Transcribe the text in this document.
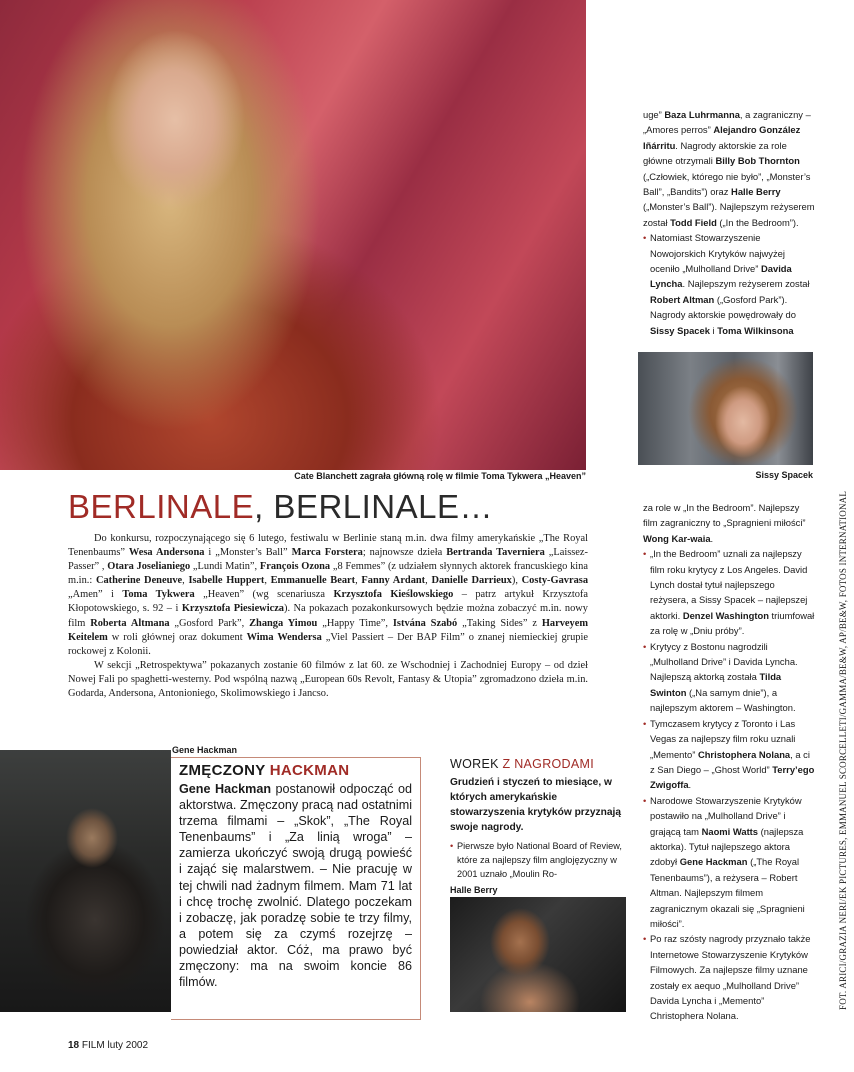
Cate Blanchett zagrała główną rolę w filmie Toma Tykwera „Heaven”	Sissy Spacek
Gene Hackman
Halle Berry
BERLINALE, BERLINALE…

Do konkursu, rozpoczynającego się 6 lutego, festiwalu w Berlinie staną m.in. dwa filmy amerykańskie „The Royal Tenenbaums” Wesa Andersona i „Monster’s Ball” Marca Forstera; najnowsze dzieła Bertranda Taverniera „Laissez-Passer” , Otara Joselianiego „Lundi Matin”, François Ozona „8 Femmes” (z udziałem słynnych aktorek francuskiego kina m.in.: Catherine Deneuve, Isabelle Huppert, Emmanuelle Beart, Fanny Ardant, Danielle Darrieux), Costy-Gavrasa „Amen” i Toma Tykwera „Heaven” (wg scenariusza Krzysztofa Kieślowskiego – patrz artykuł Krzysztofa Kłopotowskiego, s. 92 – i Krzysztofa Piesiewicza). Na pokazach pozakonkursowych będzie można zobaczyć m.in. nowy film Roberta Altmana „Gosford Park”, Zhanga Yimou „Happy Time”, Istvána Szabó „Taking Sides” z Harveyem Keitelem w roli głównej oraz dokument Wima Wendersa „Viel Passiert – Der BAP Film” o znanej niemieckiej grupie rockowej z Kolonii.

W sekcji „Retrospektywa” pokazanych zostanie 60 filmów z lat 60. ze Wschodniej i Zachodniej Europy – od dzieł Nowej Fali po spaghetti-westerny. Pod wspólną nazwą „European 60s Revolt, Fantasy & Utopia” zgromadzono dzieła m.in. Godarda, Andersona, Antonioniego, Skolimowskiego i Jancso.

uge” Baza Luhrmanna, a zagraniczny – „Amores perros” Alejandro González Iñárritu. Nagrody aktorskie za role główne otrzymali Billy Bob Thornton („Człowiek, którego nie było”, „Monster’s Ball”, „Bandits”) oraz Halle Berry („Monster’s Ball”). Najlepszym reżyserem został Todd Field („In the Bedroom”).

• Natomiast Stowarzyszenie Nowojorskich Krytyków najwyżej oceniło „Mulholland Drive” Davida Lyncha. Najlepszym reżyserem został Robert Altman („Gosford Park”). Nagrody aktorskie powędrowały do Sissy Spacek i Toma Wilkinsona

za role w „In the Bedroom”. Najlepszy film zagraniczny to „Spragnieni miłości” Wong Kar-waia.

• „In the Bedroom” uznali za najlepszy film roku krytycy z Los Angeles. David Lynch dostał tytuł najlepszego reżysera, a Sissy Spacek – najlepszej aktorki. Denzel Washington triumfował za rolę w „Dniu próby”.

• Krytycy z Bostonu nagrodzili „Mulholland Drive” i Davida Lyncha. Najlepszą aktorką została Tilda Swinton („Na samym dnie”), a najlepszym aktorem – Washington.

• Tymczasem krytycy z Toronto i Las Vegas za najlepszy film roku uznali „Memento” Christophera Nolana, a ci z San Diego – „Ghost World” Terry’ego Zwigoffa.

• Narodowe Stowarzyszenie Krytyków postawiło na „Mulholland Drive” i grającą tam Naomi Watts (najlepsza aktorka). Tytuł najlepszego aktora zdobył Gene Hackman („The Royal Tenenbaums”), a reżysera – Robert Altman. Najlepszym filmem zagranicznym okazali się „Spragnieni miłości”.

• Po raz szósty nagrody przyznało także Internetowe Stowarzyszenie Krytyków Filmowych. Za najlepsze filmy uznane zostały ex aequo „Mulholland Drive” Davida Lyncha i „Memento” Christophera Nolana.

ZMĘCZONY HACKMAN
Gene Hackman postanowił odpocząć od aktorstwa. Zmęczony pracą nad ostatnimi trzema filmami – „Skok”, „The Royal Tenenbaums” i „Za linią wroga” – zamierza ukończyć swoją drugą powieść i zająć się malarstwem. – Nie pracuję w tej chwili nad żadnym filmem. Mam 71 lat i chcę trochę zwolnić. Dlatego poczekam i zobaczę, jak poradzę sobie te trzy filmy, a potem się za czymś rozejrzę – powiedział aktor. Cóż, ma prawo być zmęczony: ma na swoim koncie 86 filmów.
WOREK Z NAGRODAMI
Grudzień i styczeń to miesiące, w których amerykańskie stowarzyszenia krytyków przyznają swoje nagrody.
• Pierwsze było National Board of Review, które za najlepszy film anglojęzyczny w 2001 uznało „Moulin Ro-	FOT. ARICI/GRAZIA NERI/EK PICTURES, EMMANUEL SCORCELLETI/GAMMA/BE&W, AP/BE&W, FOTOS INTERNATIONAL
18 FILM luty 2002
